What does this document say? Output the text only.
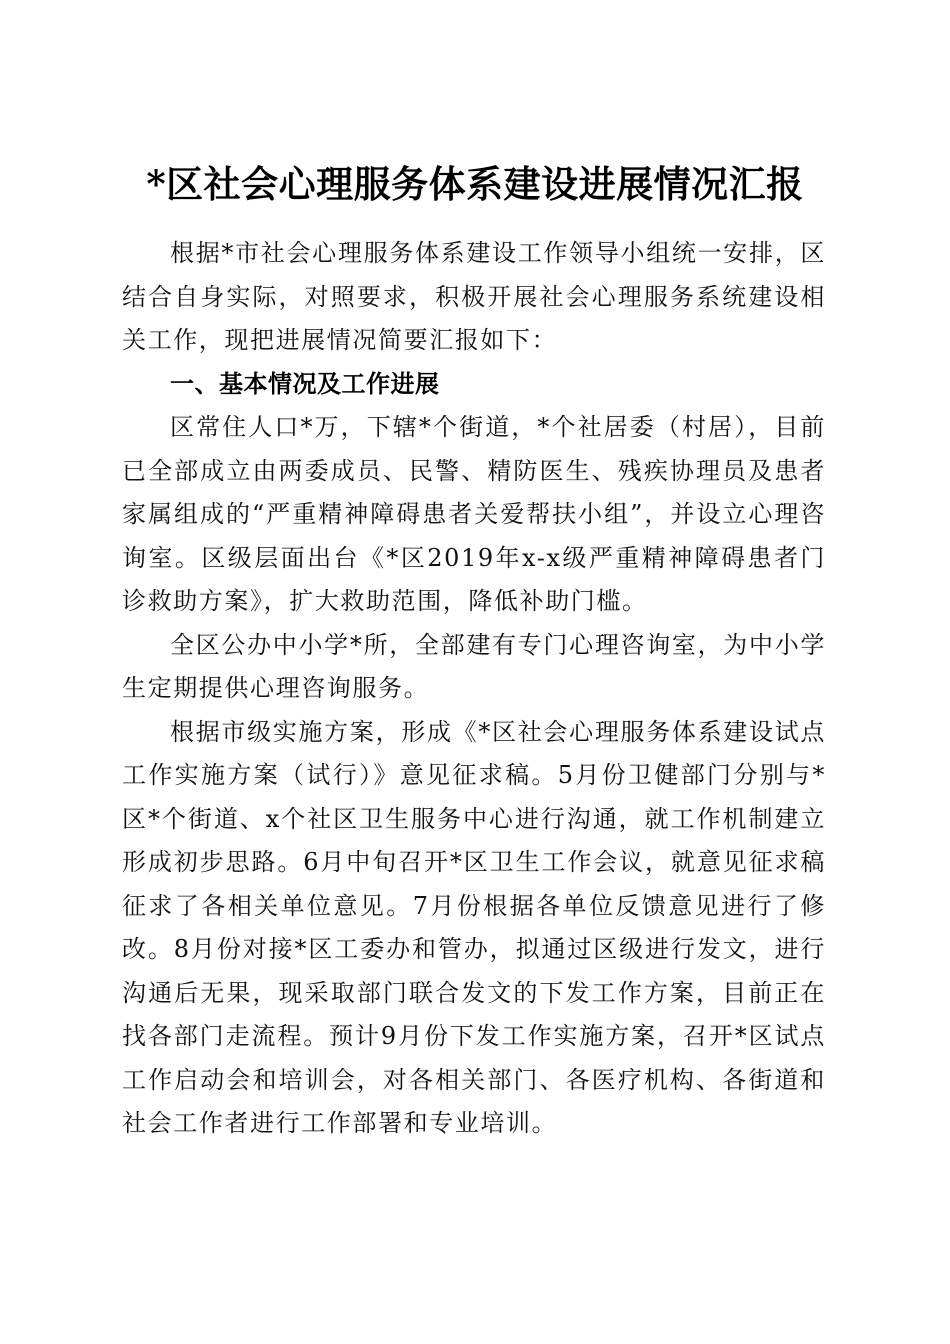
*区社会心理服务体系建设进展情况汇报

根据*市社会心理服务体系建设工作领导小组统一安排，区结合自身实际，对照要求，积极开展社会心理服务系统建设相关工作，现把进展情况简要汇报如下：

一、基本情况及工作进展

区常住人口*万，下辖*个街道，*个社居委（村居），目前已全部成立由两委成员、民警、精防医生、残疾协理员及患者家属组成的“严重精神障碍患者关爱帮扶小组”，并设立心理咨询室。区级层面出台《*区2019年x-x级严重精神障碍患者门诊救助方案》，扩大救助范围，降低补助门槛。

全区公办中小学*所，全部建有专门心理咨询室，为中小学生定期提供心理咨询服务。

根据市级实施方案，形成《*区社会心理服务体系建设试点工作实施方案（试行）》意见征求稿。5月份卫健部门分别与*区*个街道、x个社区卫生服务中心进行沟通，就工作机制建立形成初步思路。6月中旬召开*区卫生工作会议，就意见征求稿征求了各相关单位意见。7月份根据各单位反馈意见进行了修改。8月份对接*区工委办和管办，拟通过区级进行发文，进行沟通后无果，现采取部门联合发文的下发工作方案，目前正在找各部门走流程。预计9月份下发工作实施方案，召开*区试点工作启动会和培训会，对各相关部门、各医疗机构、各街道和社会工作者进行工作部署和专业培训。
